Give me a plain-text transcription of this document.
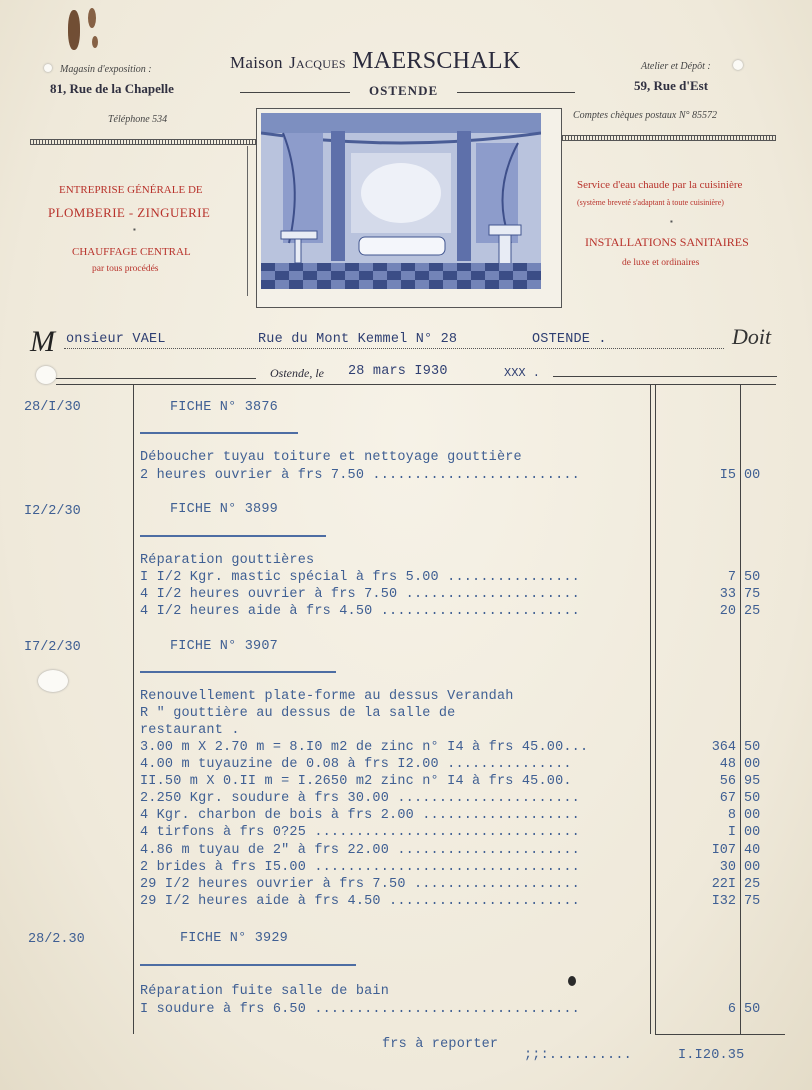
Magasin d'exposition :
81, Rue de la Chapelle
Téléphone 534
Maison Jacques MAERSCHALK
OSTENDE
Atelier et Dépôt :
59, Rue d'Est
Comptes chèques postaux N° 85572
ENTREPRISE GÉNÉRALE DE
PLOMBERIE - ZINGUERIE
▪
CHAUFFAGE CENTRAL
par tous procédés
Service d'eau chaude par la cuisinière
(système breveté s'adaptant à toute cuisinière)
▪
INSTALLATIONS SANITAIRES
de luxe et ordinaires
M onsieur VAEL	Rue du Mont Kemmel N° 28	OSTENDE .	Doit
Ostende, le 28 mars I930	XXX .
28/I/30	FICHE N° 3876
Déboucher tuyau toiture et nettoyage gouttière
2 heures ouvrier à frs 7.50 .........................	I5 00
I2/2/30	FICHE N° 3899
Réparation gouttières
I I/2 Kgr. mastic spécial à frs 5.00 ................	7 50
4 I/2 heures ouvrier à frs 7.50 .....................	33 75
4 I/2 heures aide à frs 4.50 ........................	20 25
I7/2/30	FICHE N° 3907
Renouvellement plate-forme au dessus Verandah
R " gouttière au dessus de la salle de
restaurant .
3.00 m X 2.70 m = 8.I0 m2 de zinc n° I4 à frs 45.00...	364 50
4.00 m tuyauzine de 0.08 à frs I2.00 ...............	48 00
II.50 m X 0.II m = I.2650 m2 zinc n° I4 à frs 45.00.	56 95
2.250 Kgr. soudure à frs 30.00 ......................	67 50
4 Kgr. charbon de bois à frs 2.00 ...................	8 00
4 tirfons à frs 0?25 ................................	I 00
4.86 m tuyau de 2" à frs 22.00 ......................	I07 40
2 brides à frs I5.00 ................................	30 00
29 I/2 heures ouvrier à frs 7.50 ....................	22I 25
29 I/2 heures aide à frs 4.50 .......................	I32 75
28/2.30	FICHE N° 3929
Réparation fuite salle de bain
I soudure à frs 6.50 ................................	6 50
frs à reporter
;;:..........	I.I20.35
